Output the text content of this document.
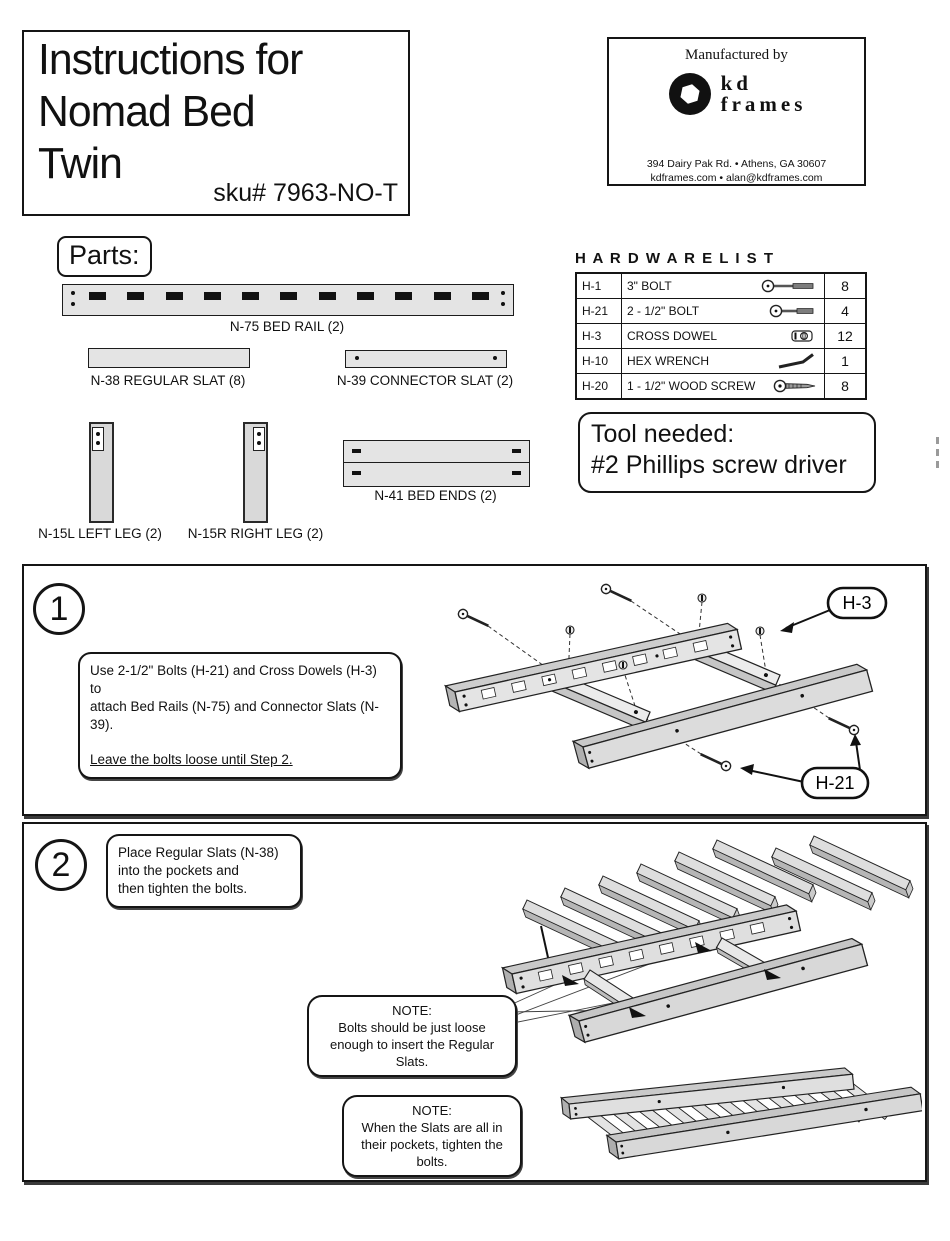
Instructions for
Nomad Bed
Twin
sku# 7963-NO-T
Manufactured by
kd
frames
394 Dairy Pak Rd. • Athens, GA 30607
kdframes.com • alan@kdframes.com
Parts:
N-75 BED RAIL (2)
N-38 REGULAR SLAT (8)	N-39 CONNECTOR SLAT (2)
N-15L LEFT LEG (2)	N-15R RIGHT LEG (2)
N-41 BED ENDS (2)
H A R D W A R E L I S T
H-1	3" BOLT	8
H-21	2 - 1/2" BOLT	4
H-3	CROSS DOWEL	12
H-10	HEX WRENCH	1
H-20	1 - 1/2" WOOD SCREW	8
Tool needed:
#2 Phillips screw driver
1
Use 2-1/2" Bolts (H-21) and Cross Dowels (H-3) to
attach Bed Rails (N-75) and Connector Slats (N-39).
Leave the bolts loose until Step 2.
H-3
H-21
2	Place Regular Slats (N-38)
into the pockets and
then tighten the bolts.
NOTE:
Bolts should be just loose
enough to insert the Regular
Slats.
NOTE:
When the Slats are all in
their pockets, tighten the
bolts.
